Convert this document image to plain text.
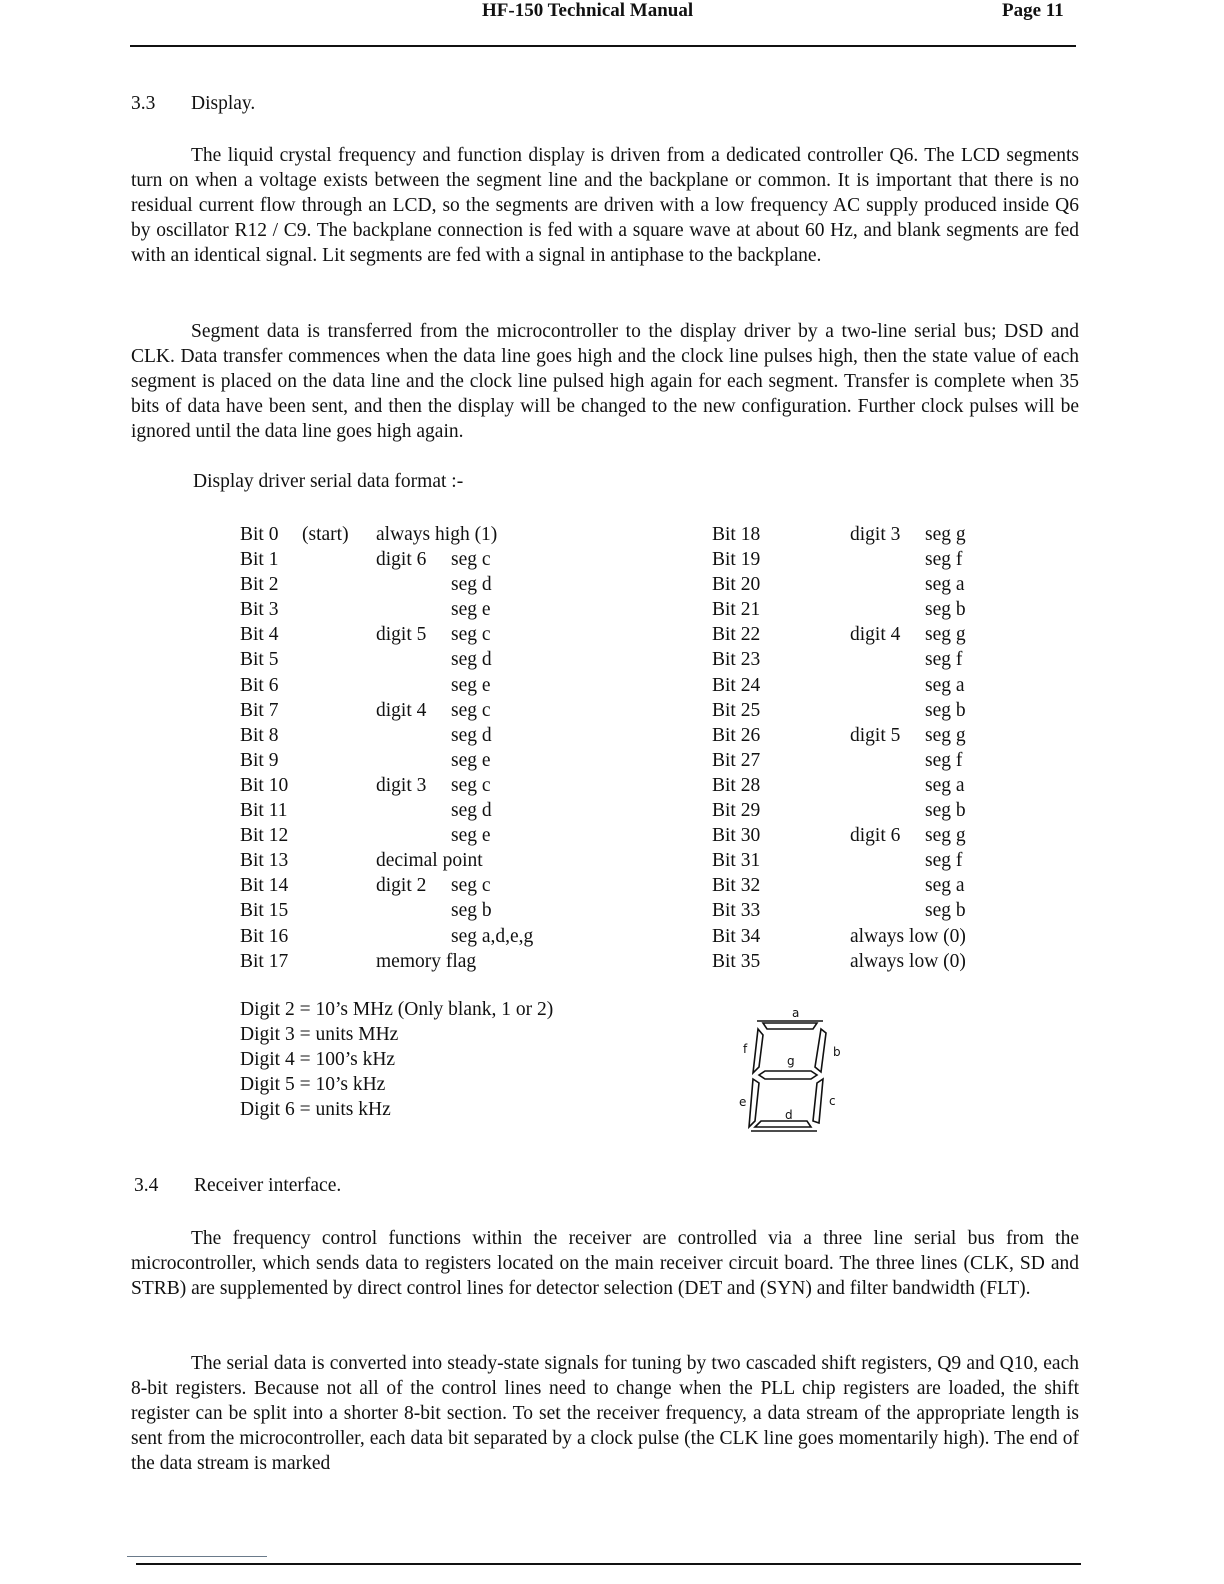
HF-150 Technical Manual	Page 11
3.3 Display.

The liquid crystal frequency and function display is driven from a dedicated controller Q6. The LCD segments turn on when a voltage exists between the segment line and the backplane or common. It is important that there is no residual current flow through an LCD, so the segments are driven with a low frequency AC supply produced inside Q6 by oscillator R12 / C9. The backplane connection is fed with a square wave at about 60 Hz, and blank segments are fed with an identical signal. Lit segments are fed with a signal in antiphase to the backplane.

Segment data is transferred from the microcontroller to the display driver by a two-line serial bus; DSD and CLK. Data transfer commences when the data line goes high and the clock line pulses high, then the state value of each segment is placed on the data line and the clock line pulsed high again for each segment. Transfer is complete when 35 bits of data have been sent, and then the display will be changed to the new configuration. Further clock pulses will be ignored until the data line goes high again.

Display driver serial data format :-
Bit 0 (start) always high (1)
Bit 1	digit 6 seg c
Bit 2	seg d
Bit 3	seg e
Bit 4	digit 5 seg c
Bit 5	seg d
Bit 6	seg e
Bit 7	digit 4 seg c
Bit 8	seg d
Bit 9	seg e
Bit 10	digit 3 seg c
Bit 11	seg d
Bit 12	seg e
Bit 13	decimal point
Bit 14	digit 2 seg c
Bit 15	seg b
Bit 16	seg a,d,e,g
Bit 17	memory flag
Bit 18	digit 3 seg g
Bit 19	seg f
Bit 20	seg a
Bit 21	seg b
Bit 22	digit 4 seg g
Bit 23	seg f
Bit 24	seg a
Bit 25	seg b
Bit 26	digit 5 seg g
Bit 27	seg f
Bit 28	seg a
Bit 29	seg b
Bit 30	digit 6 seg g
Bit 31	seg f
Bit 32	seg a
Bit 33	seg b
Bit 34	always low (0)
Bit 35	always low (0)
Digit 2 = 10’s MHz (Only blank, 1 or 2)
Digit 3 = units MHz
Digit 4 = 100’s kHz
Digit 5 = 10’s kHz
Digit 6 = units kHz
a
b
c
d
e
f
g
3.4 Receiver interface.

The frequency control functions within the receiver are controlled via a three line serial bus from the microcontroller, which sends data to registers located on the main receiver circuit board. The three lines (CLK, SD and STRB) are supplemented by direct control lines for detector selection (DET and (SYN) and filter bandwidth (FLT).

The serial data is converted into steady-state signals for tuning by two cascaded shift registers, Q9 and Q10, each 8-bit registers. Because not all of the control lines need to change when the PLL chip registers are loaded, the shift register can be split into a shorter 8-bit section. To set the receiver frequency, a data stream of the appropriate length is sent from the microcontroller, each data bit separated by a clock pulse (the CLK line goes momentarily high). The end of the data stream is marked
